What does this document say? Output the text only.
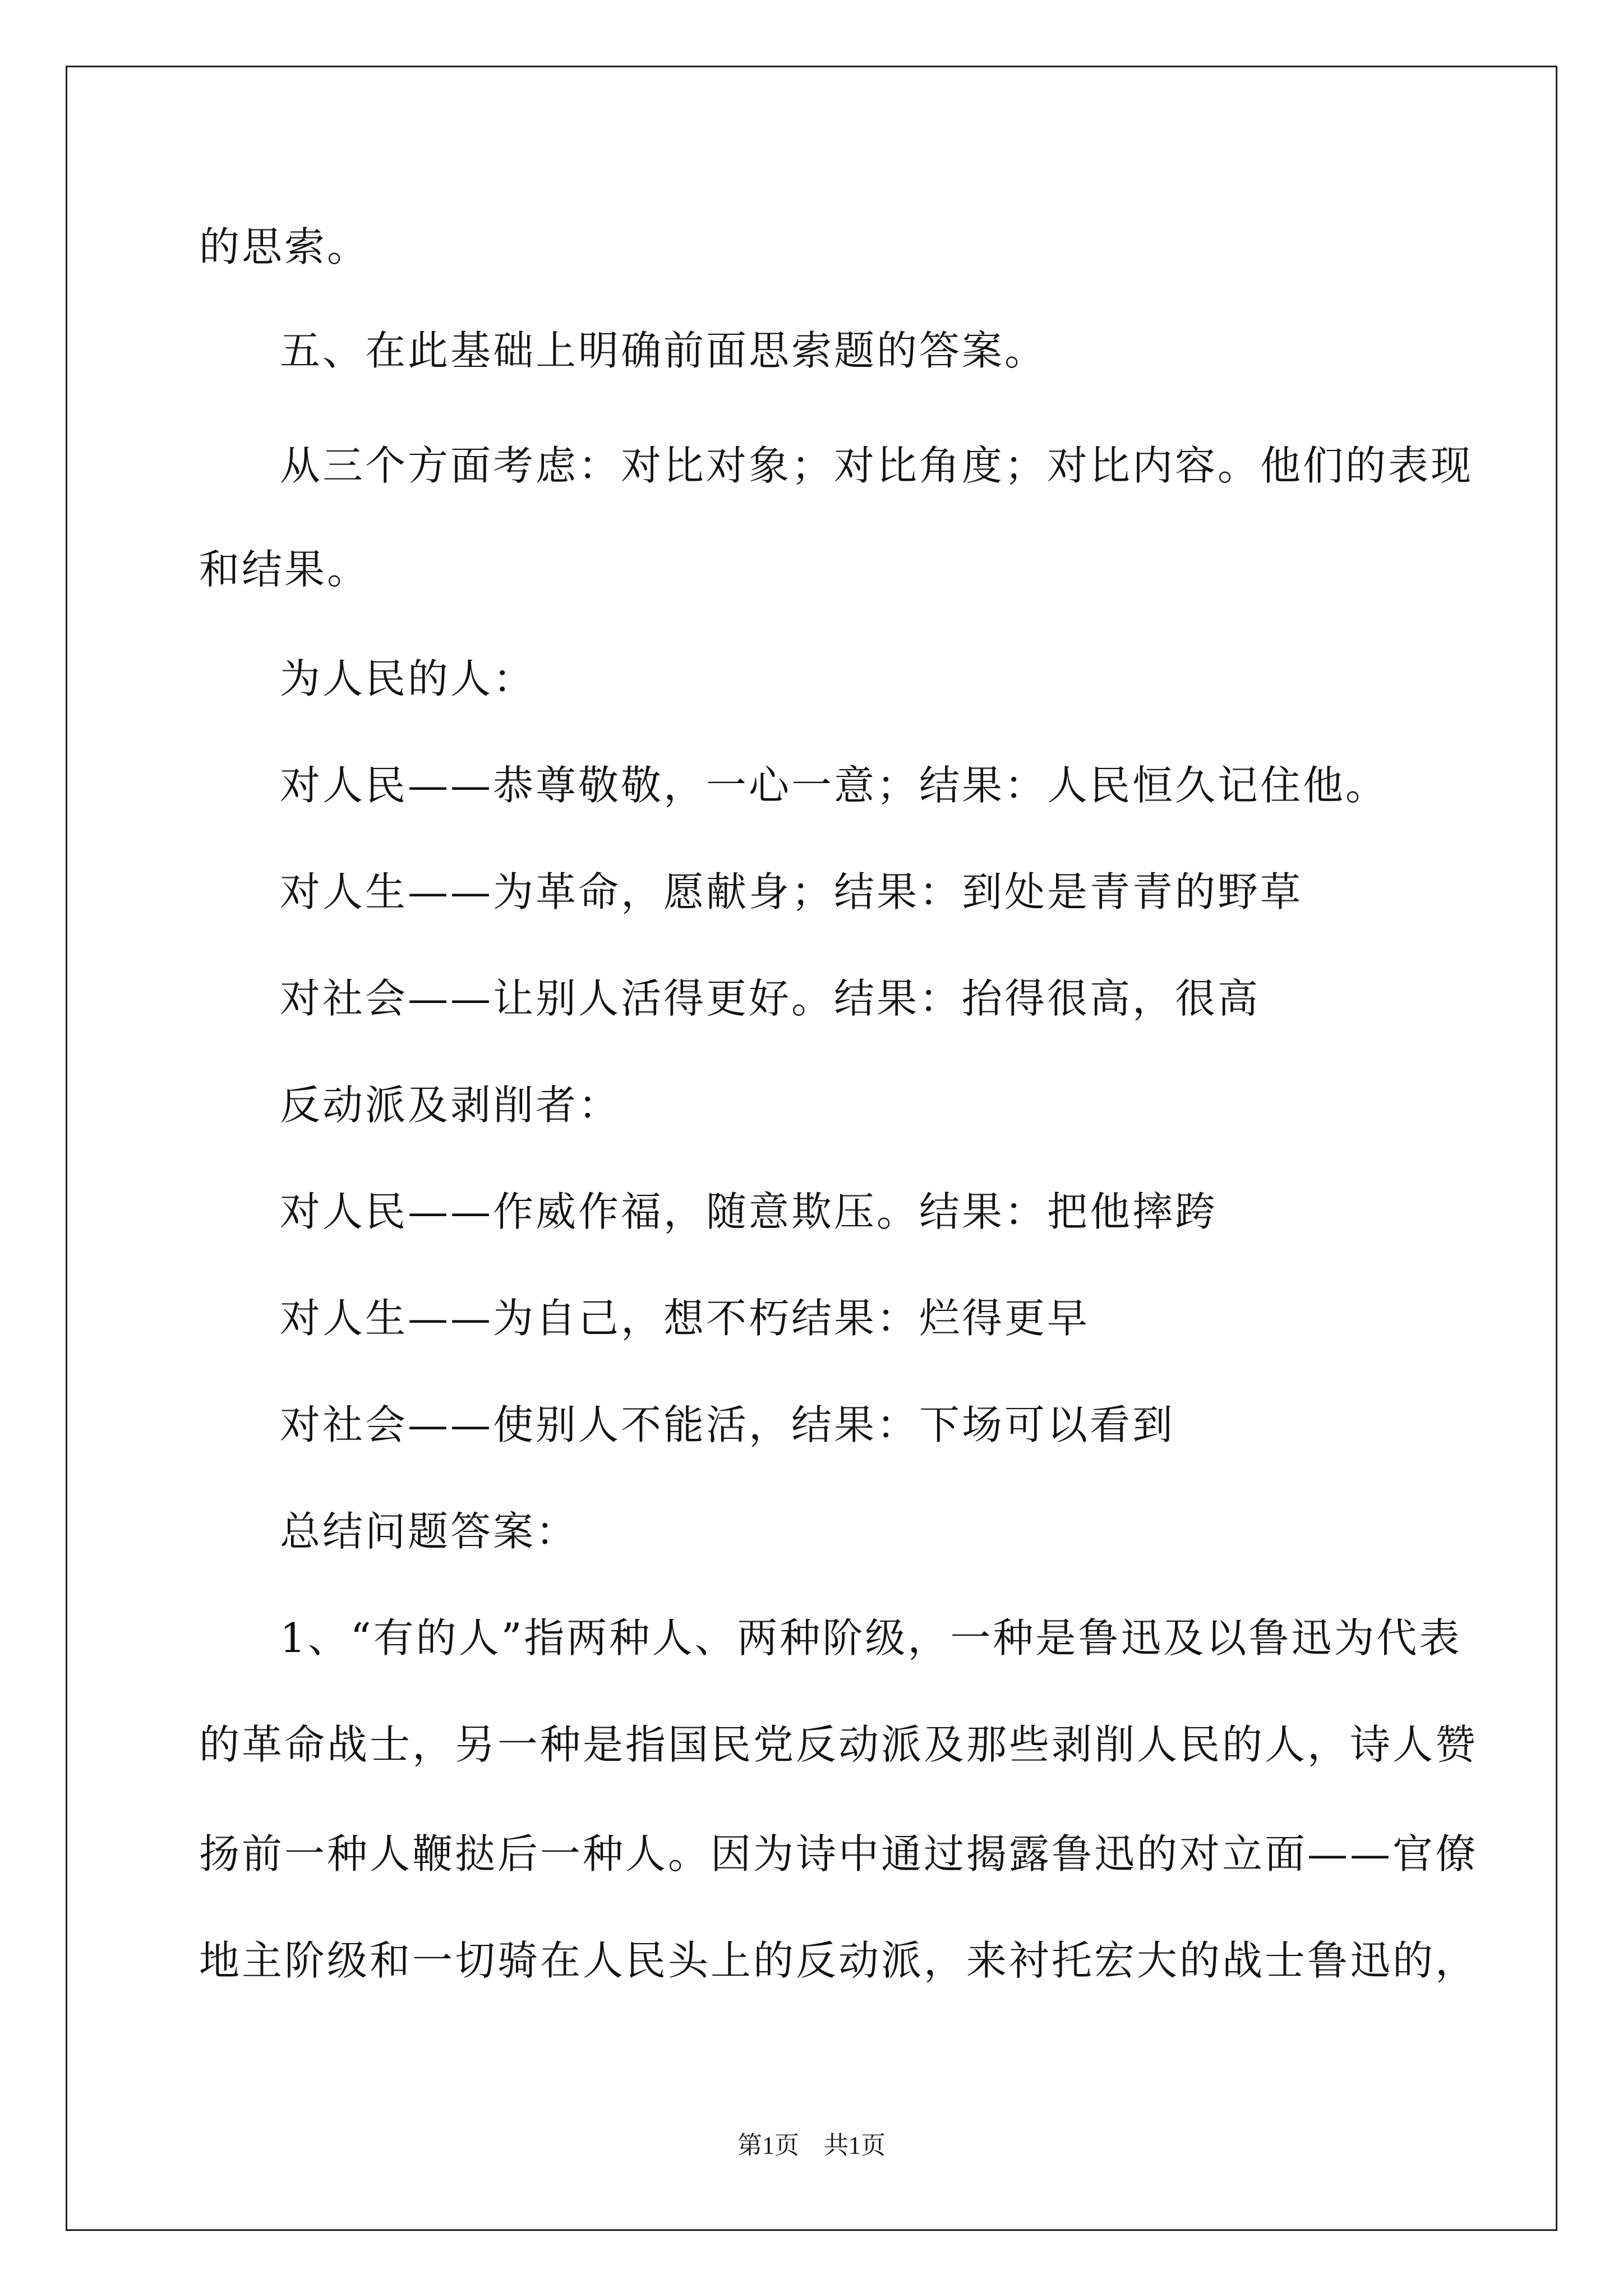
的思索。
五、在此基础上明确前面思索题的答案。
从三个方面考虑：对比对象；对比角度；对比内容。他们的表现
和结果。
为人民的人：
对人民——恭尊敬敬，一心一意；结果：人民恒久记住他。
对人生——为革命，愿献身；结果：到处是青青的野草
对社会——让别人活得更好。结果：抬得很高，很高
反动派及剥削者：
对人民——作威作福，随意欺压。结果：把他摔跨
对人生——为自己，想不朽结果：烂得更早
对社会——使别人不能活，结果：下场可以看到
总结问题答案：
1、“有的人”指两种人、两种阶级，一种是鲁迅及以鲁迅为代表
的革命战士，另一种是指国民党反动派及那些剥削人民的人，诗人赞
扬前一种人鞭挞后一种人。因为诗中通过揭露鲁迅的对立面——官僚
地主阶级和一切骑在人民头上的反动派，来衬托宏大的战士鲁迅的，
第1页　共1页
